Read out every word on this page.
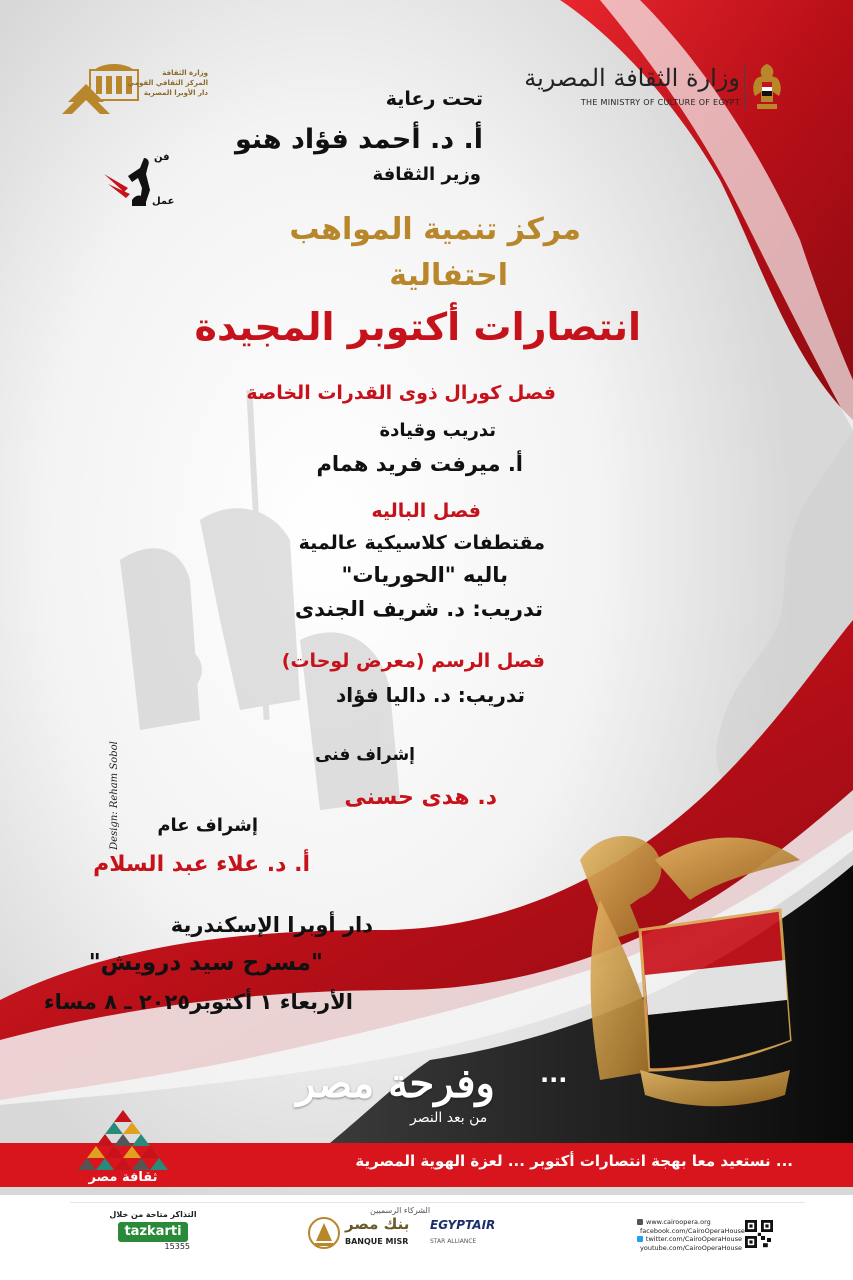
وزارة الثقافة المصرية
THE MINISTRY OF CULTURE OF EGYPT
وزارة الثقافة
المركز الثقافي القومي
دار الأوبرا المصرية
فن
عمل
تحت رعاية
أ. د. أحمد فؤاد هنو
وزير الثقافة
مركز تنمية المواهب
احتفالية
انتصارات أكتوبر المجيدة
فصل كورال ذوى القدرات الخاصة
تدريب وقيادة
أ. ميرفت فريد همام
فصل الباليه
مقتطفات كلاسيكية عالمية
باليه "الحوريات"
تدريب: د. شريف الجندى
فصل الرسم (معرض لوحات)
تدريب: د. داليا فؤاد
إشراف فنى
د. هدى حسنى
إشراف عام
أ. د. علاء عبد السلام
دار أوبرا الإسكندرية
"مسرح سيد درويش"
الأربعاء ١ أكتوبر٢٠٢٥ ـ ٨ مساء
Design: Reham Sobol
وفرحة مصر ...
من بعد النصر
... نستعيد معا بهجة انتصارات أكتوبر ... لعزة الهوية المصرية
ثقافة مصر
التذاكر متاحة من خلال
tazkarti
15355
الشركاء الرسميين
بنك مصر
BANQUE MISR
EGYPTAIR
STAR ALLIANCE
www.cairoopera.org
facebook.com/CairoOperaHouse
twitter.com/CairoOperaHouse
youtube.com/CairoOperaHouse
